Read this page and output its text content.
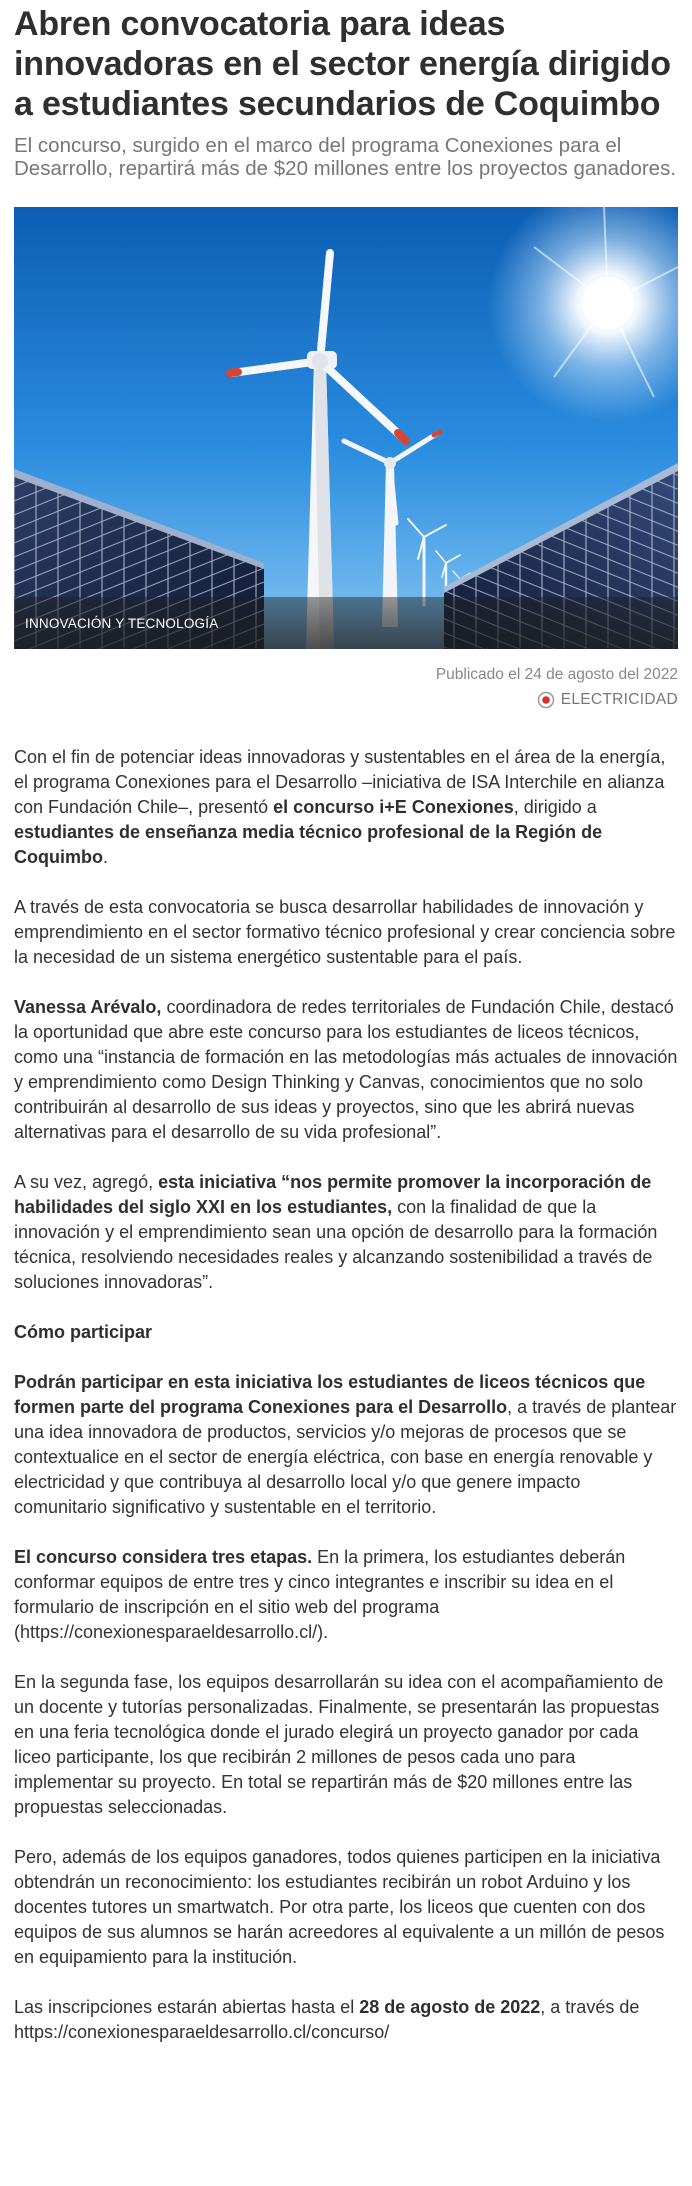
Abren convocatoria para ideas innovadoras en el sector energía dirigido a estudiantes secundarios de Coquimbo

El concurso, surgido en el marco del programa Conexiones para el Desarrollo, repartirá más de $20 millones entre los proyectos ganadores.

INNOVACIÓN Y TECNOLOGÍA
Publicado el 24 de agosto del 2022
ELECTRICIDAD

Con el fin de potenciar ideas innovadoras y sustentables en el área de la energía, el programa Conexiones para el Desarrollo –iniciativa de ISA Interchile en alianza con Fundación Chile–, presentó el concurso i+E Conexiones, dirigido a estudiantes de enseñanza media técnico profesional de la Región de Coquimbo.

A través de esta convocatoria se busca desarrollar habilidades de innovación y emprendimiento en el sector formativo técnico profesional y crear conciencia sobre la necesidad de un sistema energético sustentable para el país.

Vanessa Arévalo, coordinadora de redes territoriales de Fundación Chile, destacó la oportunidad que abre este concurso para los estudiantes de liceos técnicos, como una “instancia de formación en las metodologías más actuales de innovación y emprendimiento como Design Thinking y Canvas, conocimientos que no solo contribuirán al desarrollo de sus ideas y proyectos, sino que les abrirá nuevas alternativas para el desarrollo de su vida profesional”.

A su vez, agregó, esta iniciativa “nos permite promover la incorporación de habilidades del siglo XXI en los estudiantes, con la finalidad de que la innovación y el emprendimiento sean una opción de desarrollo para la formación técnica, resolviendo necesidades reales y alcanzando sostenibilidad a través de soluciones innovadoras”.

Cómo participar

Podrán participar en esta iniciativa los estudiantes de liceos técnicos que formen parte del programa Conexiones para el Desarrollo, a través de plantear una idea innovadora de productos, servicios y/o mejoras de procesos que se contextualice en el sector de energía eléctrica, con base en energía renovable y electricidad y que contribuya al desarrollo local y/o que genere impacto comunitario significativo y sustentable en el territorio.

El concurso considera tres etapas. En la primera, los estudiantes deberán conformar equipos de entre tres y cinco integrantes e inscribir su idea en el formulario de inscripción en el sitio web del programa (https://conexionesparaeldesarrollo.cl/).

En la segunda fase, los equipos desarrollarán su idea con el acompañamiento de un docente y tutorías personalizadas. Finalmente, se presentarán las propuestas en una feria tecnológica donde el jurado elegirá un proyecto ganador por cada liceo participante, los que recibirán 2 millones de pesos cada uno para implementar su proyecto. En total se repartirán más de $20 millones entre las propuestas seleccionadas.

Pero, además de los equipos ganadores, todos quienes participen en la iniciativa obtendrán un reconocimiento: los estudiantes recibirán un robot Arduino y los docentes tutores un smartwatch. Por otra parte, los liceos que cuenten con dos equipos de sus alumnos se harán acreedores al equivalente a un millón de pesos en equipamiento para la institución.

Las inscripciones estarán abiertas hasta el 28 de agosto de 2022, a través de https://conexionesparaeldesarrollo.cl/concurso/
